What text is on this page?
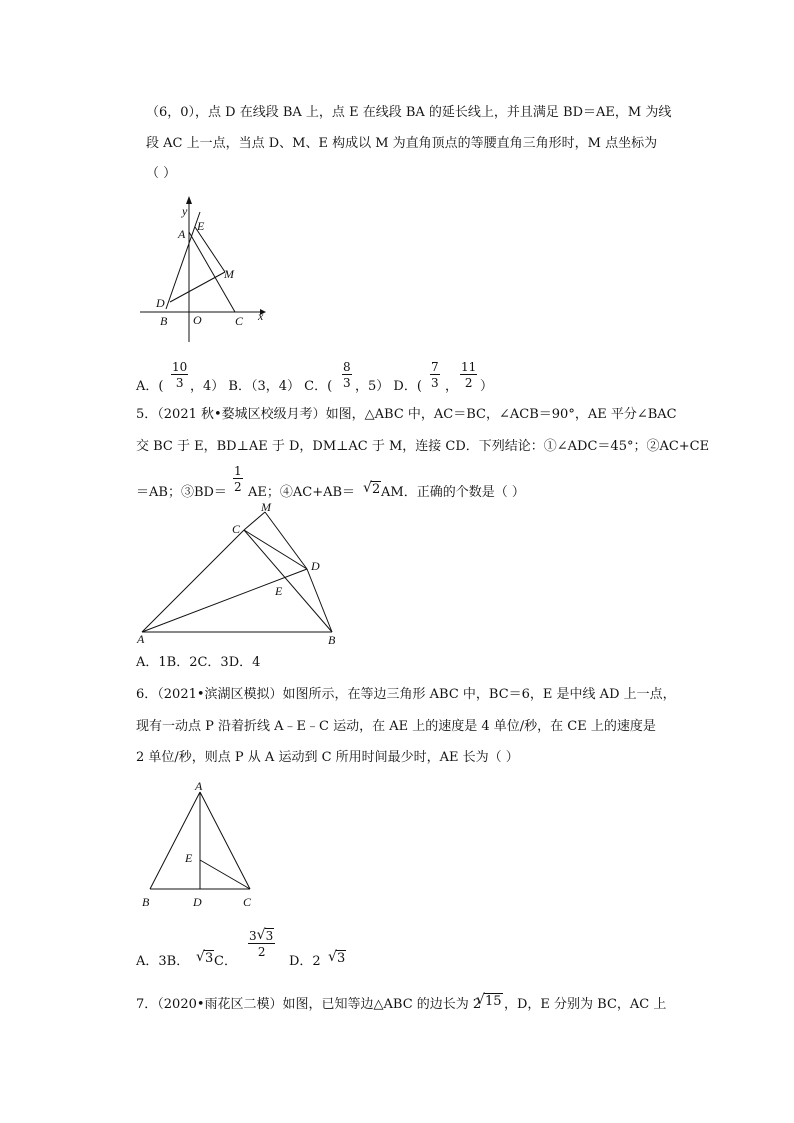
（6，0），点 D 在线段 BA 上，点 E 在线段 BA 的延长线上，并且满足 BD＝AE，M 为线
段 AC 上一点，当点 D、M、E 构成以 M 为直角顶点的等腰直角三角形时，M 点坐标为
（ ）
y
x
A
E
M
D
B O	C
A．( $\frac{10}{3}$ ，4） B．（3，4） C．( $\frac{8}{3}$ ，5） D．( $\frac{7}{3}$ ， $\frac{11}{2}$ ）
5．（2021 秋•婺城区校级月考）如图，△ABC 中，AC＝BC，∠ACB＝90°，AE 平分∠BAC
交 BC 于 E，BD⊥AE 于 D，DM⊥AC 于 M，连接 CD．下列结论：①∠ADC＝45°；②AC+CE
＝AB；③BD＝ $\frac{1}{2}$ AE；④AC+AB＝	√ 2 AM．正确的个数是（ ）
M
C
D
E
A	B
A．1B．2C．3D．4
6．（2021•滨湖区模拟）如图所示，在等边三角形 ABC 中，BC＝6，E 是中线 AD 上一点，
现有一动点 P 沿着折线 A﹣E﹣C 运动，在 AE 上的速度是 4 单位/秒，在 CE 上的速度是
2 单位/秒，则点 P 从 A 运动到 C 所用时间最少时，AE 长为（ ）
A
E
B	D	C
A．3B．	√ 3 C．
$\frac{3 √ 3}{2}$
D．2	√ 3
7．（2020•雨花区二模）如图，已知等边△ABC 的边长为 2 √ 15 ，D，E 分别为 BC，AC 上
